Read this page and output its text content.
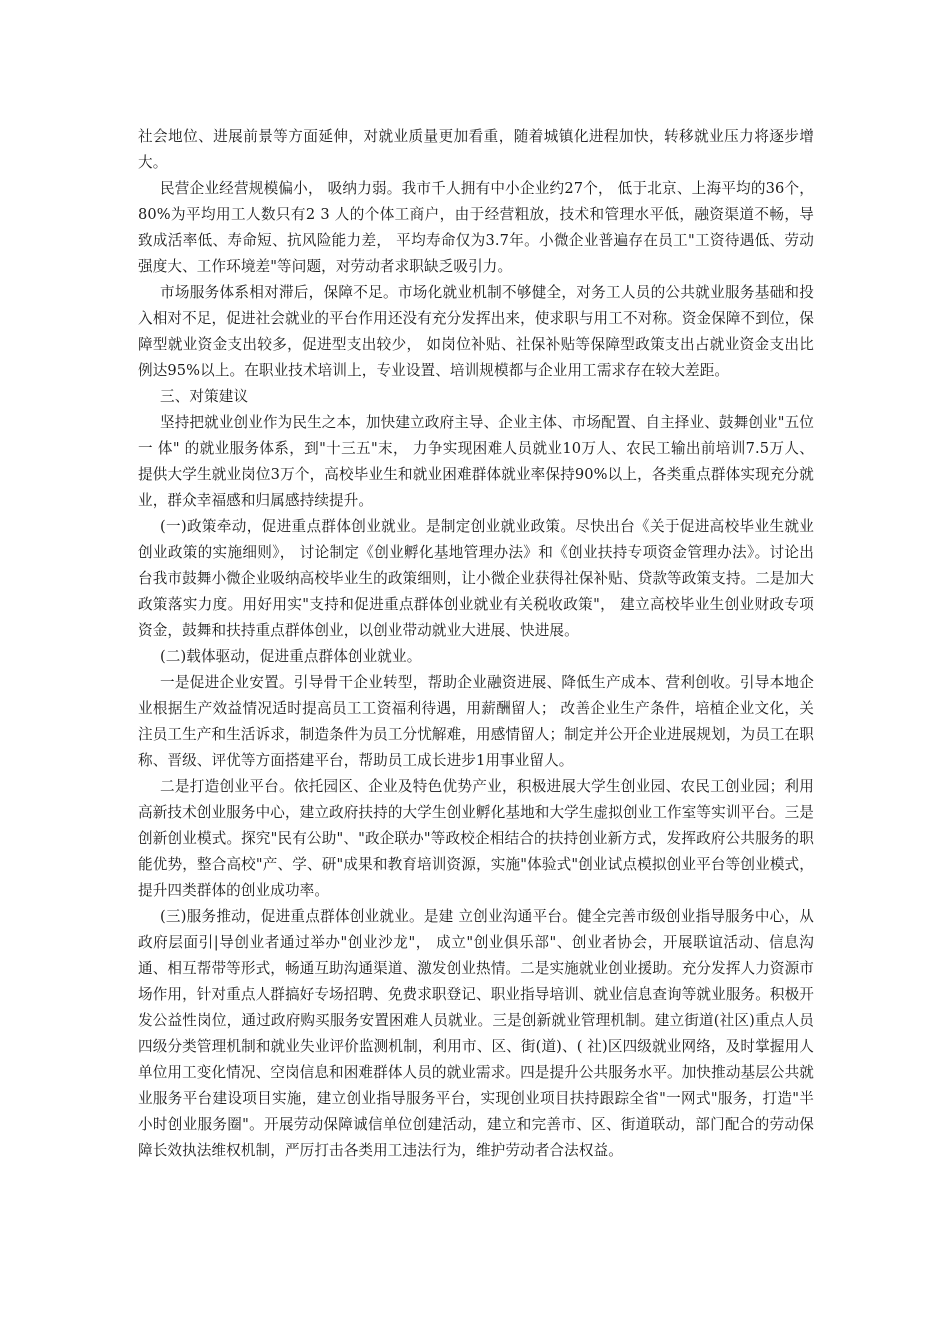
社会地位、进展前景等方面延伸，对就业质量更加看重，随着城镇化进程加快，转移就业压力将逐步增大。

民营企业经营规模偏小， 吸纳力弱。我市千人拥有中小企业约27个， 低于北京、上海平均的36个， 80%为平均用工人数只有2 3 人的个体工商户，由于经营粗放，技术和管理水平低，融资渠道不畅，导致成活率低、寿命短、抗风险能力差， 平均寿命仅为3.7年。小微企业普遍存在员工"工资待遇低、劳动强度大、工作环境差"等问题，对劳动者求职缺乏吸引力。

市场服务体系相对滞后，保障不足。市场化就业机制不够健全，对务工人员的公共就业服务基础和投入相对不足，促进社会就业的平台作用还没有充分发挥出来，使求职与用工不对称。资金保障不到位，保障型就业资金支出较多，促进型支出较少， 如岗位补贴、社保补贴等保障型政策支出占就业资金支出比例达95%以上。在职业技术培训上，专业设置、培训规模都与企业用工需求存在较大差距。

三、对策建议

坚持把就业创业作为民生之本，加快建立政府主导、企业主体、市场配置、自主择业、鼓舞创业"五位一 体" 的就业服务体系，到"十三五"末， 力争实现困难人员就业10万人、农民工输出前培训7.5万人、提供大学生就业岗位3万个，高校毕业生和就业困难群体就业率保持90%以上，各类重点群体实现充分就业，群众幸福感和归属感持续提升。

(一)政策牵动，促进重点群体创业就业。是制定创业就业政策。尽快出台《关于促进高校毕业生就业创业政策的实施细则》， 讨论制定《创业孵化基地管理办法》和《创业扶持专项资金管理办法》。讨论出台我市鼓舞小微企业吸纳高校毕业生的政策细则，让小微企业获得社保补贴、贷款等政策支持。二是加大政策落实力度。用好用实"支持和促进重点群体创业就业有关税收政策"， 建立高校毕业生创业财政专项资金，鼓舞和扶持重点群体创业，以创业带动就业大进展、快进展。

(二)载体驱动，促进重点群体创业就业。

一是促进企业安置。引导骨干企业转型，帮助企业融资进展、降低生产成本、营利创收。引导本地企业根据生产效益情况适时提高员工工资福利待遇，用薪酬留人； 改善企业生产条件，培植企业文化，关注员工生产和生活诉求，制造条件为员工分忧解难，用感情留人；制定并公开企业进展规划，为员工在职称、晋级、评优等方面搭建平台，帮助员工成长进步1用事业留人。

二是打造创业平台。依托园区、企业及特色优势产业，积极进展大学生创业园、农民工创业园；利用高新技术创业服务中心，建立政府扶持的大学生创业孵化基地和大学生虚拟创业工作室等实训平台。三是创新创业模式。探究"民有公助"、"政企联办"等政校企相结合的扶持创业新方式，发挥政府公共服务的职能优势，整合高校"产、学、研"成果和教育培训资源，实施"体验式"创业试点模拟创业平台等创业模式，提升四类群体的创业成功率。

(三)服务推动，促进重点群体创业就业。是建 立创业沟通平台。健全完善市级创业指导服务中心，从政府层面引|导创业者通过举办"创业沙龙"， 成立"创业俱乐部"、创业者协会，开展联谊活动、信息沟通、相互帮带等形式，畅通互助沟通渠道、激发创业热情。二是实施就业创业援助。充分发挥人力资源市场作用，针对重点人群搞好专场招聘、免费求职登记、职业指导培训、就业信息查询等就业服务。积极开发公益性岗位，通过政府购买服务安置困难人员就业。三是创新就业管理机制。建立街道(社区)重点人员四级分类管理机制和就业失业评价监测机制，利用市、区、街(道)、( 社)区四级就业网络，及时掌握用人单位用工变化情况、空岗信息和困难群体人员的就业需求。四是提升公共服务水平。加快推动基层公共就业服务平台建设项目实施，建立创业指导服务平台，实现创业项目扶持跟踪全省"一网式"服务，打造"半小时创业服务圈"。开展劳动保障诚信单位创建活动，建立和完善市、区、街道联动，部门配合的劳动保障长效执法维权机制，严厉打击各类用工违法行为，维护劳动者合法权益。
